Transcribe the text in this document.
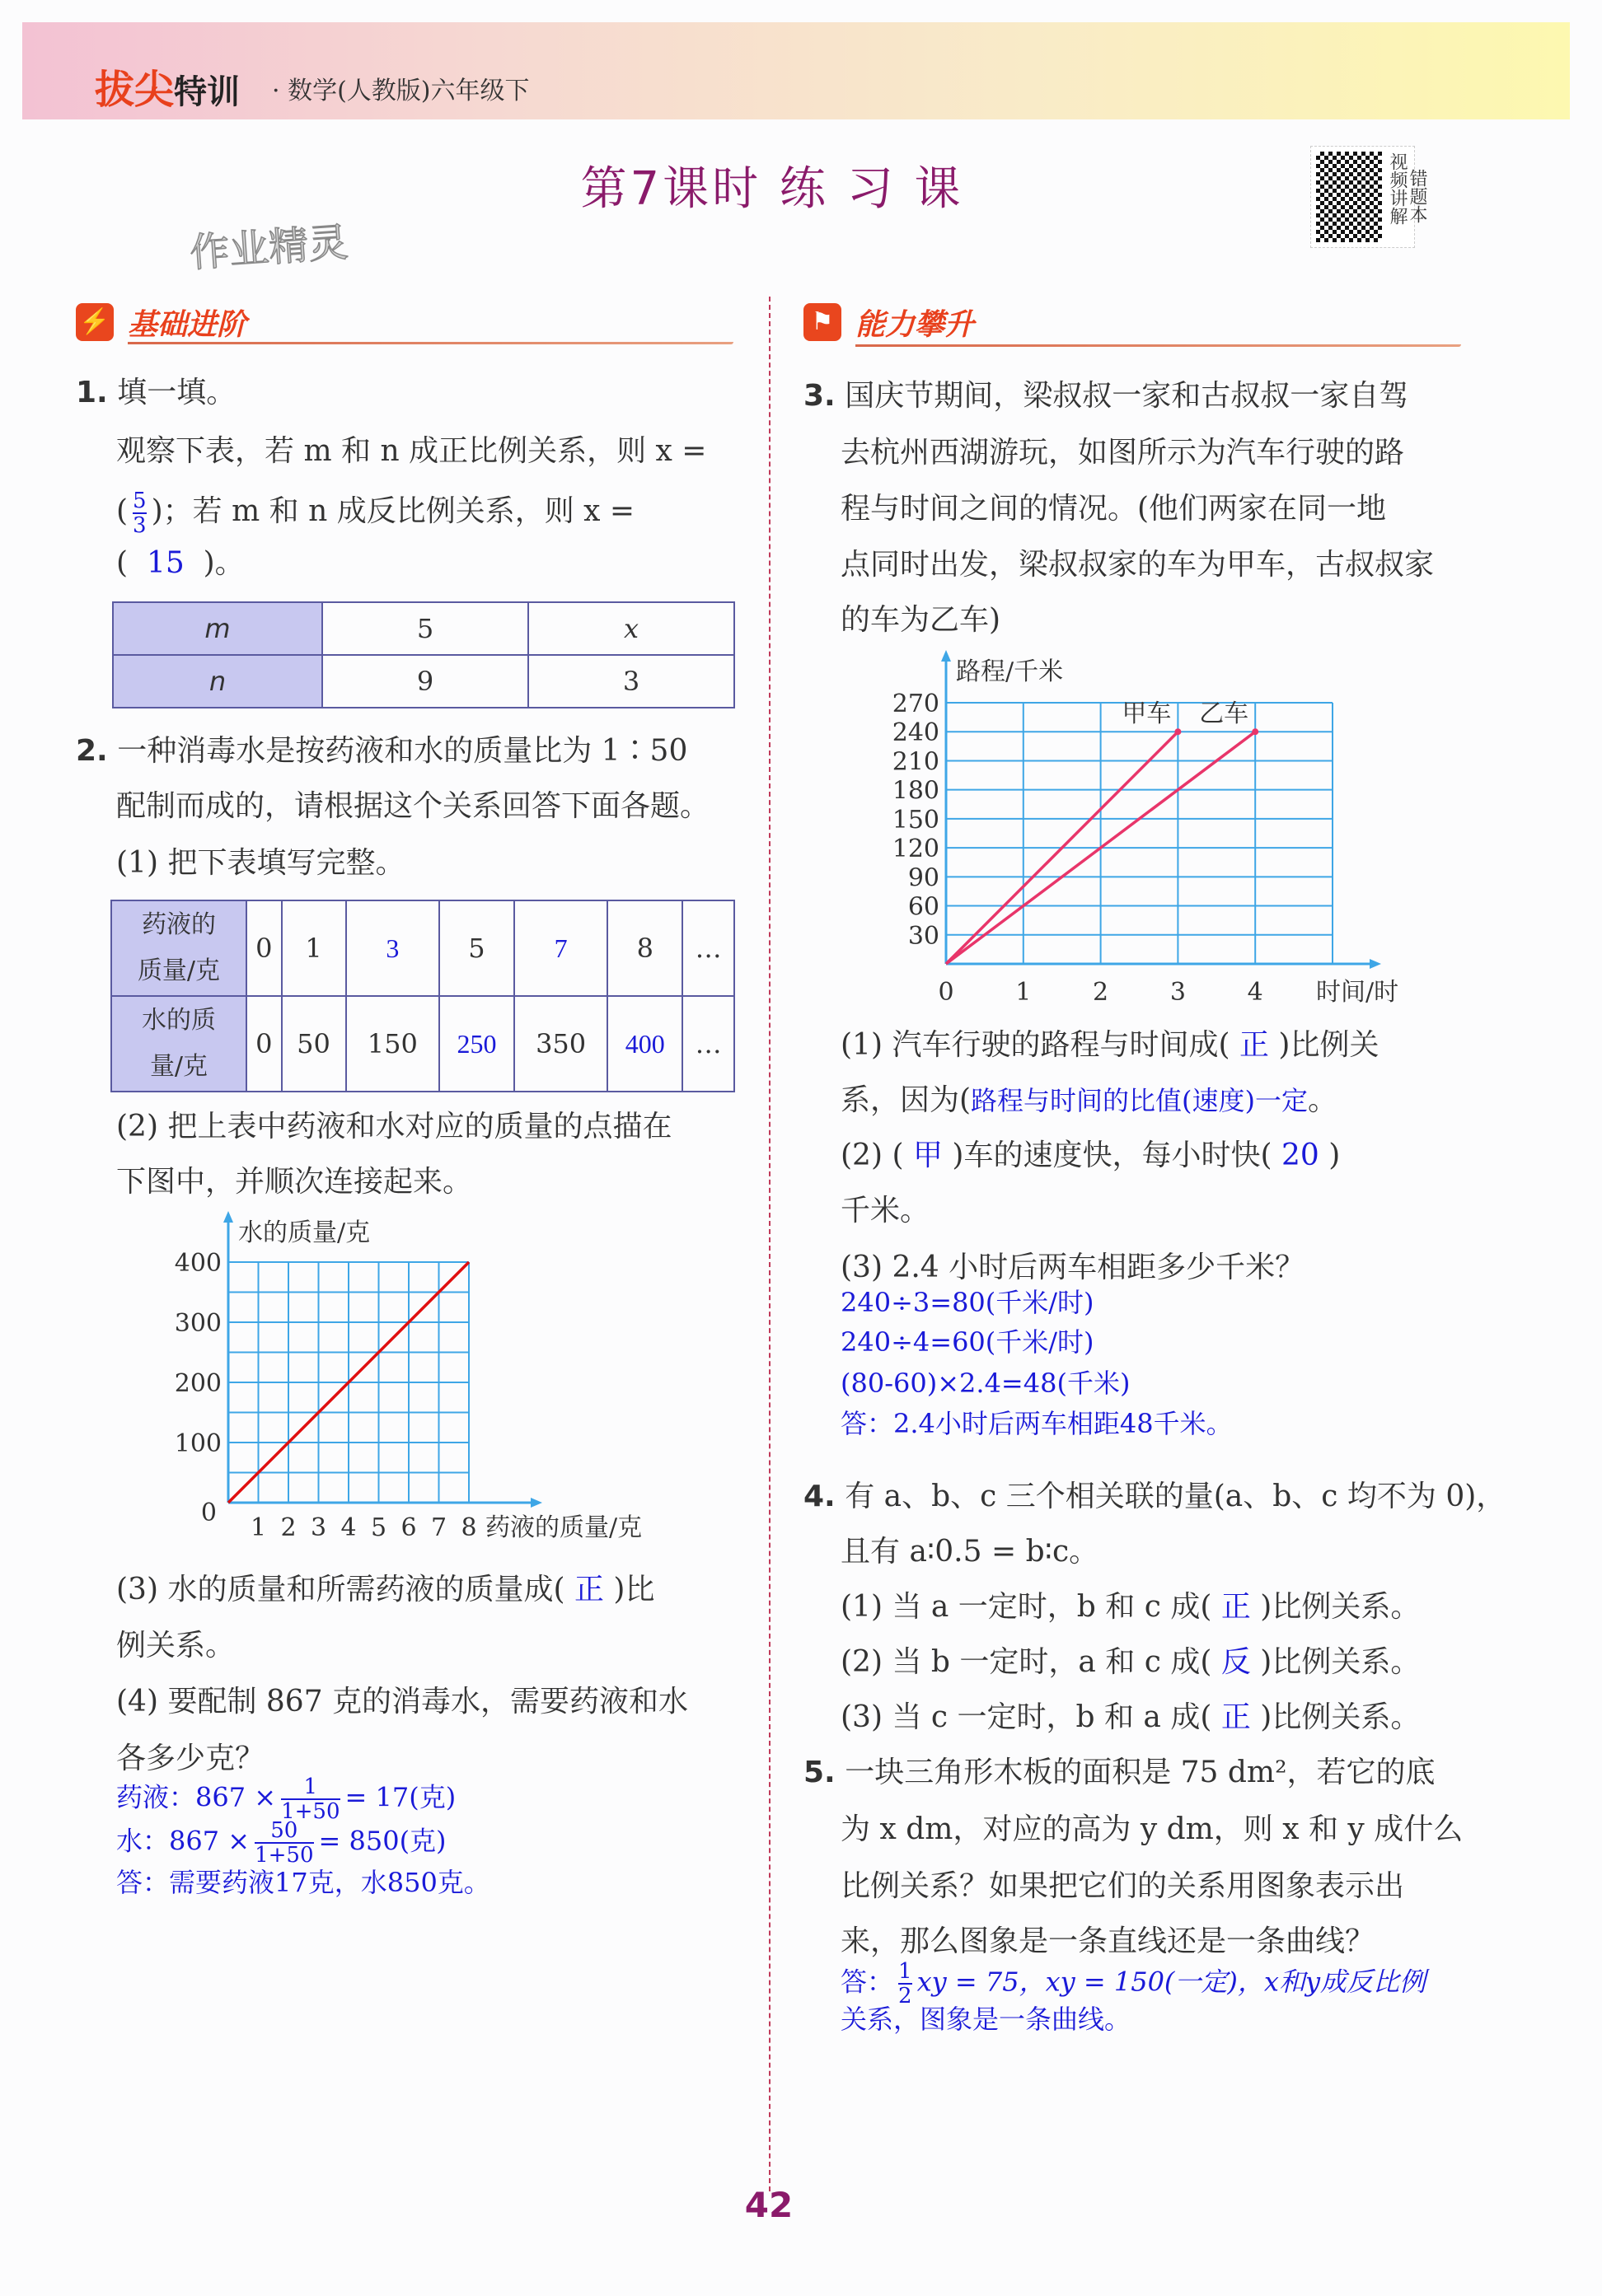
拔尖特训 · 数学(人教版)六年级下
第7课时 练 习 课	视频讲解 错题本
作业精灵
⚡ 基础进阶	⚑ 能力攀升
1. 填一填。
观察下表，若 m 和 n 成正比例关系，则 x =
( $\frac{5}{3}$ )；若 m 和 n 成反比例关系，则 x =
( 15 )。
m	5	x
n	9	3
2. 一种消毒水是按药液和水的质量比为 1∶50
配制而成的，请根据这个关系回答下面各题。
(1) 把下表填写完整。
药液的
质量/克	0	1	3	5	7	8	…
水的质
量/克	0	50	150	250	350	400	…
(2) 把上表中药液和水对应的质量的点描在
下图中，并顺次连接起来。
(3) 水的质量和所需药液的质量成( 正 )比
例关系。
(4) 要配制 867 克的消毒水，需要药液和水
各多少克？
药液：$867 \times \frac{1}{1+50} = 17$(克)
水：$867 \times \frac{50}{1+50} = 850$(克)
答：需要药液17克，水850克。
3. 国庆节期间，梁叔叔一家和古叔叔一家自驾
去杭州西湖游玩，如图所示为汽车行驶的路
程与时间之间的情况。(他们两家在同一地
点同时出发，梁叔叔家的车为甲车，古叔叔家
的车为乙车)
(1) 汽车行驶的路程与时间成( 正 )比例关
系，因为(路程与时间的比值(速度)一定。
(2) ( 甲 )车的速度快，每小时快( 20 )
千米。
(3) 2.4 小时后两车相距多少千米？
240÷3=80(千米/时)
240÷4=60(千米/时)
(80-60)×2.4=48(千米)
答：2.4小时后两车相距48千米。
4. 有 a、b、c 三个相关联的量(a、b、c 均不为 0)，
且有 a∶0.5 = b∶c。
(1) 当 a 一定时，b 和 c 成( 正 )比例关系。
(2) 当 b 一定时，a 和 c 成( 反 )比例关系。
(3) 当 c 一定时，b 和 a 成( 正 )比例关系。
5. 一块三角形木板的面积是 75 dm²，若它的底
为 x dm，对应的高为 y dm，则 x 和 y 成什么
比例关系？如果把它们的关系用图象表示出
来，那么图象是一条直线还是一条曲线？
答： $\frac{1}{2}$ xy = 75，xy = 150(一定)，x和y成反比例
关系，图象是一条曲线。
42
100
200
300
400
1 2 3 4 5 6 7 8
0
水的质量/克
药液的质量/克
30
60
90
120
150
180
210
240
270
0 1 2 3 4
路程/千米
时间/时
甲车 乙车
